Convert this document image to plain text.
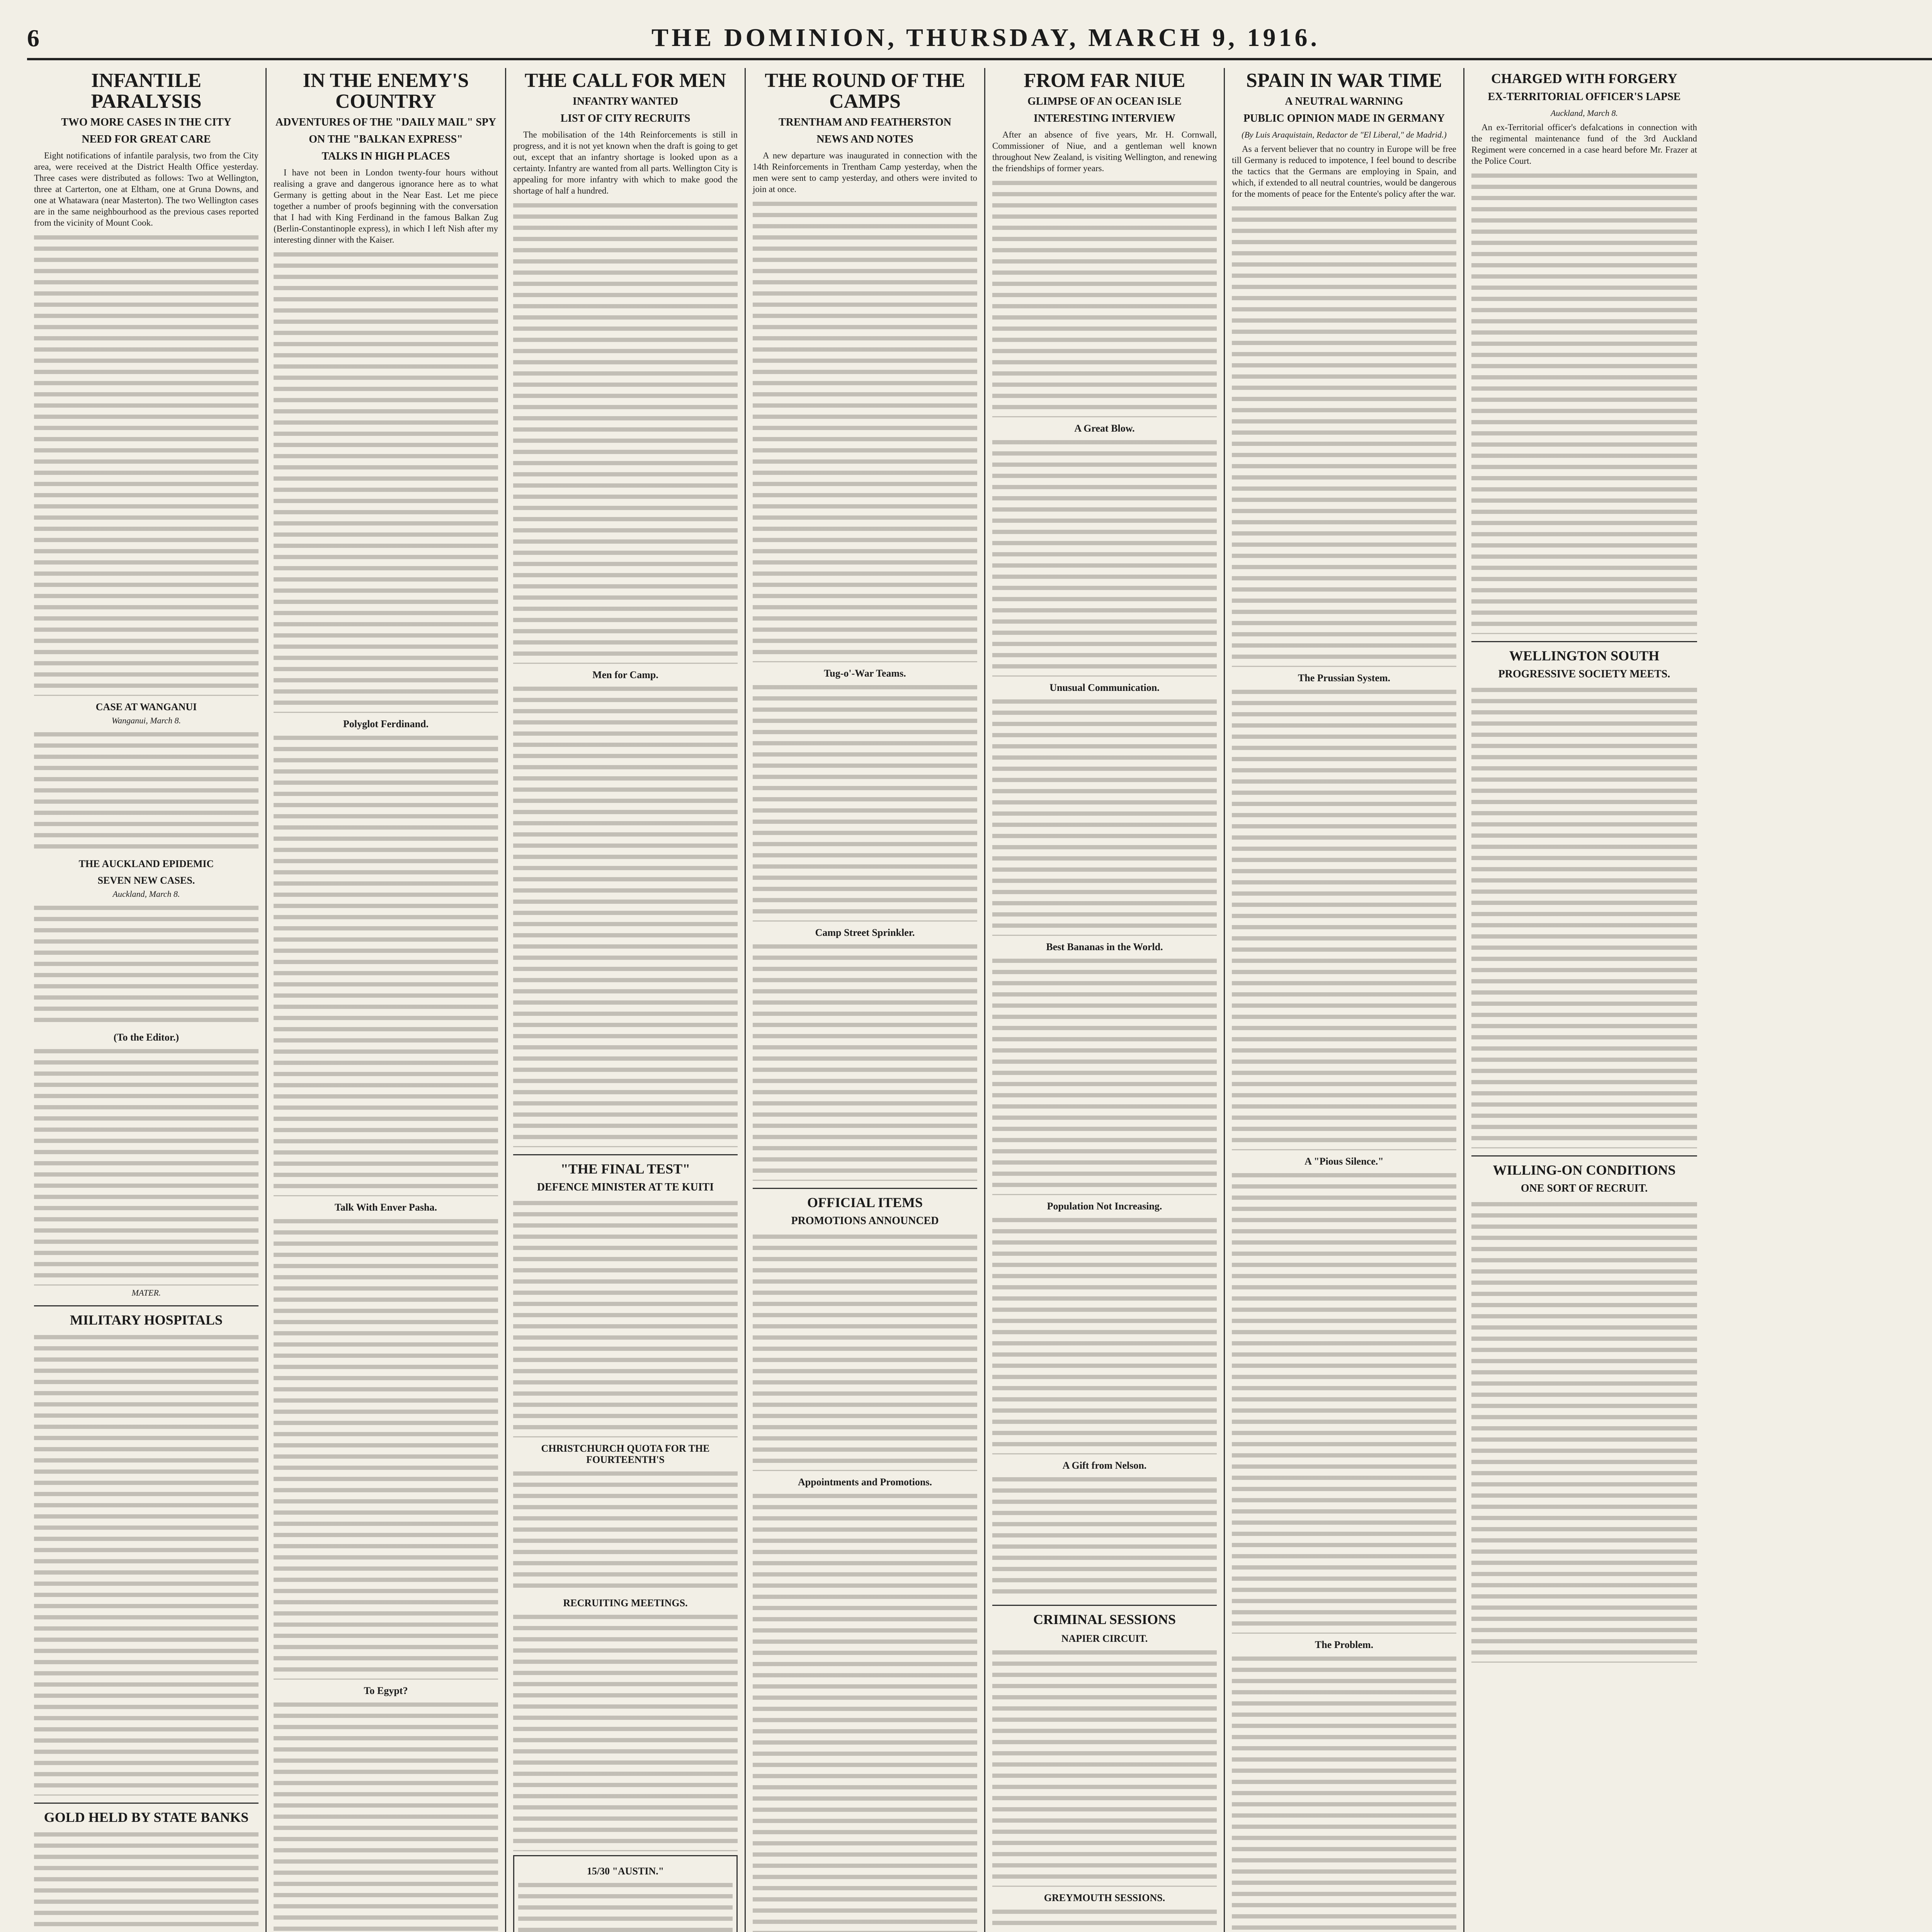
6	THE DOMINION, THURSDAY, MARCH 9, 1916.
INFANTILE PARALYSIS
TWO MORE CASES IN THE CITY
NEED FOR GREAT CARE

Eight notifications of infantile paralysis, two from the City area, were received at the District Health Office yesterday. Three cases were distributed as follows: Two at Wellington, three at Carterton, one at Eltham, one at Gruna Downs, and one at Whatawara (near Masterton). The two Wellington cases are in the same neighbourhood as the previous cases reported from the vicinity of Mount Cook.

CASE AT WANGANUI
Wanganui, March 8.
THE AUCKLAND EPIDEMIC
SEVEN NEW CASES.
Auckland, March 8.
(To the Editor.)
MATER.
MILITARY HOSPITALS
GOLD HELD BY STATE BANKS
IN THE ENEMY'S COUNTRY
ADVENTURES OF THE "DAILY MAIL" SPY
ON THE "BALKAN EXPRESS"
TALKS IN HIGH PLACES

I have not been in London twenty-four hours without realising a grave and dangerous ignorance here as to what Germany is getting about in the Near East. Let me piece together a number of proofs beginning with the conversation that I had with King Ferdinand in the famous Balkan Zug (Berlin-Constantinople express), in which I left Nish after my interesting dinner with the Kaiser.

Polyglot Ferdinand.
Talk With Enver Pasha.
To Egypt?
THE CALL FOR MEN
INFANTRY WANTED
LIST OF CITY RECRUITS

The mobilisation of the 14th Reinforcements is still in progress, and it is not yet known when the draft is going to get out, except that an infantry shortage is looked upon as a certainty. Infantry are wanted from all parts. Wellington City is appealing for more infantry with which to make good the shortage of half a hundred.

Men for Camp.
"THE FINAL TEST"
DEFENCE MINISTER AT TE KUITI
CHRISTCHURCH QUOTA FOR THE FOURTEENTH'S
RECRUITING MEETINGS.
15/30 "AUSTIN."
THE ROUND OF THE CAMPS
TRENTHAM AND FEATHERSTON
NEWS AND NOTES

A new departure was inaugurated in connection with the 14th Reinforcements in Trentham Camp yesterday, when the men were sent to camp yesterday, and others were invited to join at once.

Tug-o'-War Teams.
Camp Street Sprinkler.
OFFICIAL ITEMS
PROMOTIONS ANNOUNCED
Appointments and Promotions.
FROM FAR NIUE
GLIMPSE OF AN OCEAN ISLE
INTERESTING INTERVIEW

After an absence of five years, Mr. H. Cornwall, Commissioner of Niue, and a gentleman well known throughout New Zealand, is visiting Wellington, and renewing the friendships of former years.

A Great Blow.
Unusual Communication.
Best Bananas in the World.
Population Not Increasing.
A Gift from Nelson.
CRIMINAL SESSIONS
NAPIER CIRCUIT.
GREYMOUTH SESSIONS.
SPAIN IN WAR TIME
A NEUTRAL WARNING
PUBLIC OPINION MADE IN GERMANY
(By Luis Araquistain, Redactor de "El Liberal," de Madrid.)

As a fervent believer that no country in Europe will be free till Germany is reduced to impotence, I feel bound to describe the tactics that the Germans are employing in Spain, and which, if extended to all neutral countries, would be dangerous for the moments of peace for the Entente's policy after the war.

The Prussian System.
A "Pious Silence."
The Problem.
CHARGED WITH FORGERY
EX-TERRITORIAL OFFICER'S LAPSE
Auckland, March 8.

An ex-Territorial officer's defalcations in connection with the regimental maintenance fund of the 3rd Auckland Regiment were concerned in a case heard before Mr. Frazer at the Police Court.

WELLINGTON SOUTH
PROGRESSIVE SOCIETY MEETS.
WILLING-ON CONDITIONS
ONE SORT OF RECRUIT.
